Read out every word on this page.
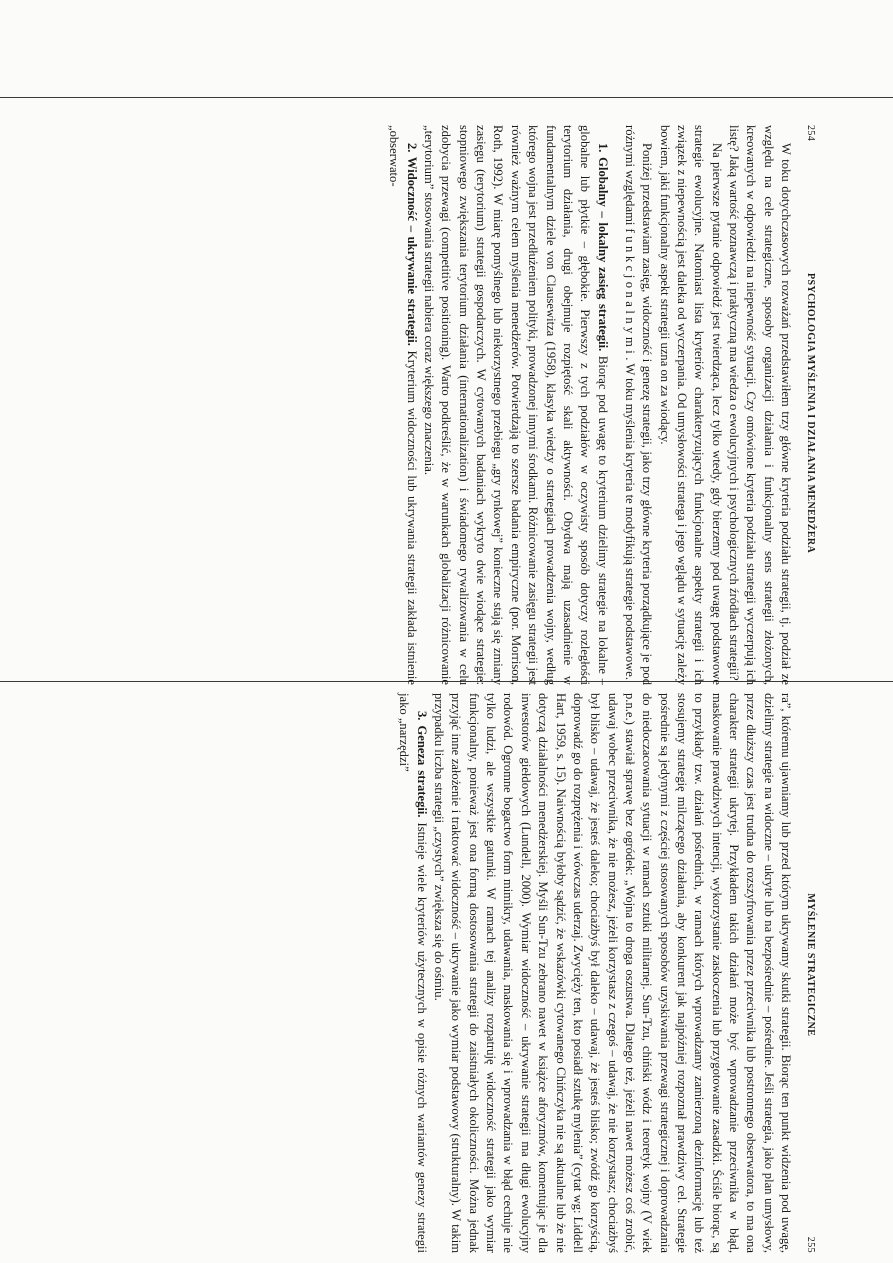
254
PSYCHOLOGIA MYŚLENIA I DZIAŁANIA MENEDŻERA

W toku dotychczasowych rozważań przedstawiłem trzy główne kryteria podziału strategii, tj. podział ze względu na cele strategiczne, sposoby organizacji działania i funkcjonalny sens strategii złożonych, kreowanych w odpowiedzi na niepewność sytuacji. Czy omówione kryteria podziału strategii wyczerpują ich listę? Jaką wartość poznawczą i praktyczną ma wiedza o ewolucyjnych i psychologicznych źródłach strategii?

Na pierwsze pytanie odpowiedź jest twierdząca, lecz tylko wtedy, gdy bierzemy pod uwagę podstawowe strategie ewolucyjne. Natomiast lista kryteriów charakteryzujących funkcjonalne aspekty strategii i ich związek z niepewnością jest daleka od wyczerpania. Od umysłowości stratega i jego wglądu w sytuację zależy bowiem, jaki funkcjonalny aspekt strategii uzna on za wiodący.

Poniżej przedstawiam zasięg, widoczność i genezę strategii, jako trzy główne kryteria porządkujące je pod różnymi względami funkcjonalnymi. W toku myślenia kryteria te modyfikują strategie podstawowe.

1. Globalny – lokalny zasięg strategii. Biorąc pod uwagę to kryterium dzielimy strategie na lokalne – globalne lub płytkie – głębokie. Pierwszy z tych podziałów w oczywisty sposób dotyczy rozległości terytorium działania, drugi obejmuje rozpiętość skali aktywności. Obydwa mają uzasadnienie w fundamentalnym dziele von Clausewitza (1958), klasyka wiedzy o strategiach prowadzenia wojny, według którego wojna jest przedłużeniem polityki, prowadzonej innymi środkami. Różnicowanie zasięgu strategii jest również ważnym celem myślenia menedżerów. Potwierdzają to szersze badania empiryczne (por. Morrison, Roth, 1992). W miarę pomyślnego lub niekorzystnego przebiegu „gry rynkowej” konieczne stają się zmiany zasięgu (terytorium) strategii gospodarczych. W cytowanych badaniach wykryto dwie wiodące strategie: stopniowego zwiększania terytorium działania (internationalization) i świadomego rywalizowania w celu zdobycia przewagi (competitive positioning). Warto podkreślić, że w warunkach globalizacji różnicowanie „terytorium” stosowania strategii nabiera coraz większego znaczenia.

2. Widoczność – ukrywanie strategii. Kryterium widoczności lub ukrywania strategii zakłada istnienie „obserwato-

MYŚLENIE STRATEGICZNE
255

ra”, któremu ujawniamy lub przed którym ukrywamy skutki strategii. Biorąc ten punkt widzenia pod uwagę, dzielimy strategie na widoczne – ukryte lub na bezpośrednie – pośrednie. Jeśli strategia, jako plan umysłowy, przez dłuższy czas jest trudna do rozszyfrowania przez przeciwnika lub postronnego obserwatora, to ma ona charakter strategii ukrytej. Przykładem takich działań może być wprowadzanie przeciwnika w błąd, maskowanie prawdziwych intencji, wykorzystanie zaskoczenia lub przygotowanie zasadzki. Ściśle biorąc, są to przykłady tzw. działań pośrednich, w ramach których wprowadzamy zamierzoną dezinformację lub też stosujemy strategię milczącego działania, aby konkurent jak najpóźniej rozpoznał prawdziwy cel. Strategie pośrednie są jedynymi z częściej stosowanych sposobów uzyskiwania przewagi strategicznej i doprowadzania do niedoczacowania sytuacji w ramach sztuki militarnej. Sun-Tzu, chiński wódz i teoretyk wojny (V wiek p.n.e.) stawiał sprawę bez ogródek: „Wojna to droga oszustwa. Dlatego też, jeżeli nawet możesz coś zrobić, udawaj wobec przeciwnika, że nie możesz, jeżeli korzystasz z czegoś – udawaj, że nie korzystasz; chociażbyś był blisko – udawaj, że jesteś daleko; chociażbyś był daleko – udawaj, że jesteś blisko; zwódź go korzyścią, doprowadź go do rozprężenia i wówczas uderzaj. Zwycięży ten, kto posiadł sztukę mylenia” (cytat wg: Liddell Hart, 1959, s. 15). Naiwnością byłoby sądzić, że wskazówki cytowanego Chińczyka nie są aktualne lub że nie dotyczą działalności menedżerskiej. Myśli Sun-Tzu zebrano nawet w książce aforyzmów, komentując je dla inwestorów giełdowych (Lundell, 2000). Wymiar widoczność – ukrywanie strategii ma długi ewolucyjny rodowód. Ogromne bogactwo form mimikry, udawania, maskowania się i wprowadzania w błąd cechuje nie tylko ludzi, ale wszystkie gatunki. W ramach tej analizy rozpatruję widoczność strategii jako wymiar funkcjonalny, ponieważ jest ona formą dostosowania strategii do zaistniałych okoliczności. Można jednak przyjąć inne założenie i traktować widoczność – ukrywanie jako wymiar podstawowy (strukturalny). W takim przypadku liczba strategii „czystych” zwiększa się do ośmiu.

3. Geneza strategii. Istnieje wiele kryteriów użytecznych w opisie różnych wariantów genezy strategii jako „narzędzi”
